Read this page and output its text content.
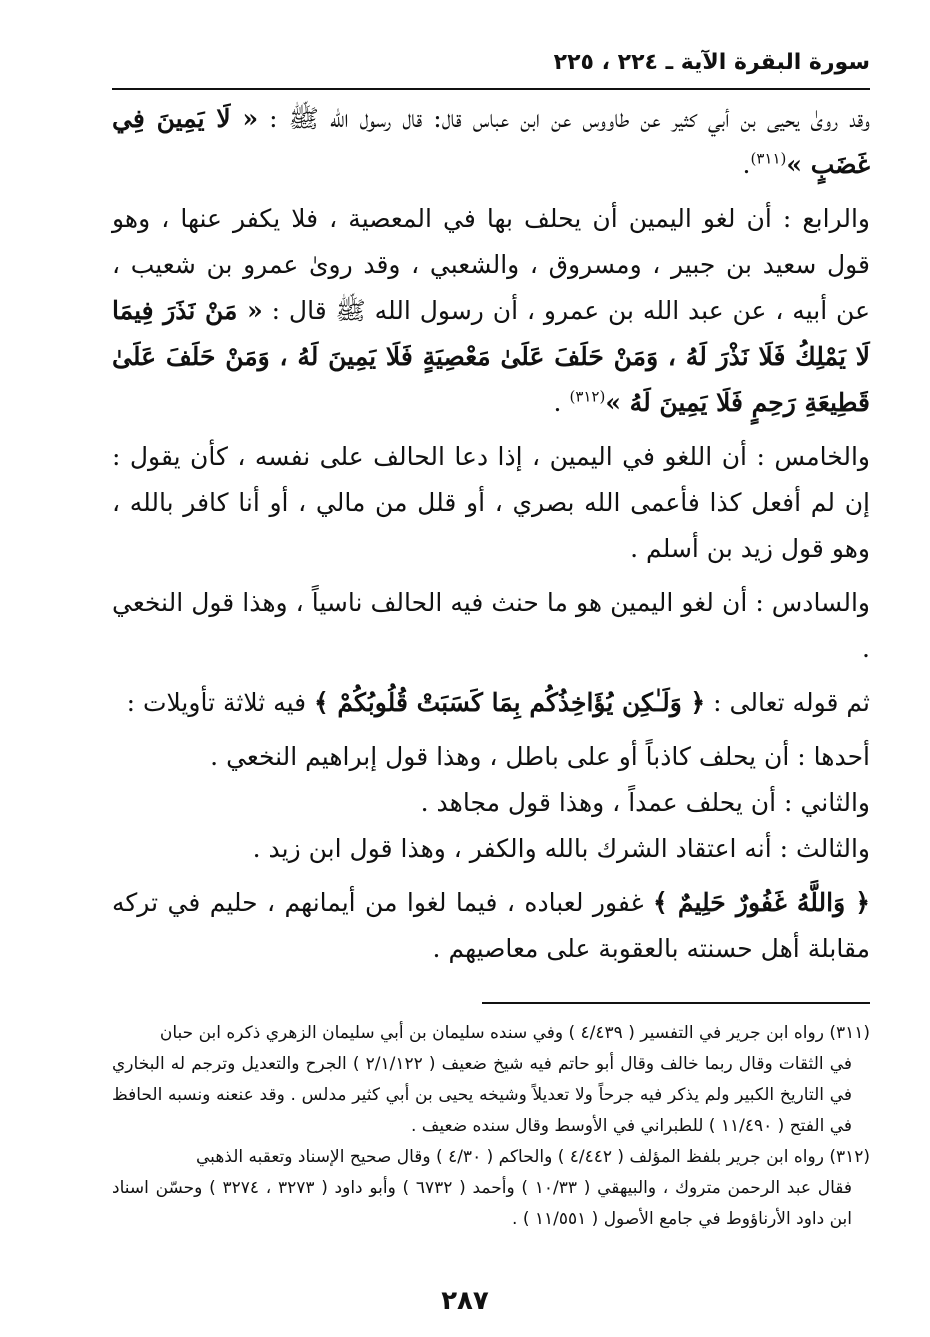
سورة البقرة الآية ـ ٢٢٤ ، ٢٢٥

وقد روىٰ يحيى بن أبي كثير عن طاووس عن ابن عباس قال: قال رسول الله ﷺ : « لَا يَمِينَ فِي غَضَبٍ »$^{(٣١١)}$.

والرابع : أن لغو اليمين أن يحلف بها في المعصية ، فلا يكفر عنها ، وهو قول سعيد بن جبير ، ومسروق ، والشعبي ، وقد روىٰ عمرو بن شعيب ، عن أبيه ، عن عبد الله بن عمرو ، أن رسول الله ﷺ قال : « مَنْ نَذَرَ فِيمَا لَا يَمْلِكُ فَلَا نَذْرَ لَهُ ، وَمَنْ حَلَفَ عَلَىٰ مَعْصِيَةٍ فَلَا يَمِينَ لَهُ ، وَمَنْ حَلَفَ عَلَىٰ قَطِيعَةِ رَحِمٍ فَلَا يَمِينَ لَهُ »$^{(٣١٢)}$ .

والخامس : أن اللغو في اليمين ، إذا دعا الحالف على نفسه ، كأن يقول : إن لم أفعل كذا فأعمى الله بصري ، أو قلل من مالي ، أو أنا كافر بالله ، وهو قول زيد بن أسلم .

والسادس : أن لغو اليمين هو ما حنث فيه الحالف ناسياً ، وهذا قول النخعي .

ثم قوله تعالى : ﴿ وَلَـٰكِن يُؤَاخِذُكُم بِمَا كَسَبَتْ قُلُوبُكُمْ ﴾ فيه ثلاثة تأويلات :

أحدها : أن يحلف كاذباً أو على باطل ، وهذا قول إبراهيم النخعي .

والثاني : أن يحلف عمداً ، وهذا قول مجاهد .

والثالث : أنه اعتقاد الشرك بالله والكفر ، وهذا قول ابن زيد .

﴿ وَاللَّهُ غَفُورٌ حَلِيمٌ ﴾ غفور لعباده ، فيما لغوا من أيمانهم ، حليم في تركه مقابلة أهل حسنته بالعقوبة على معاصيهم .

(٣١١) رواه ابن جرير في التفسير ( ٤/٤٣٩ ) وفي سنده سليمان بن أبي سليمان الزهري ذكره ابن حبان

في الثقات وقال ربما خالف وقال أبو حاتم فيه شيخ ضعيف ( ٢/١/١٢٢ ) الجرح والتعديل وترجم له البخاري في التاريخ الكبير ولم يذكر فيه جرحاً ولا تعديلاً وشيخه يحيى بن أبي كثير مدلس . وقد عنعنه ونسبه الحافظ في الفتح ( ١١/٤٩٠ ) للطبراني في الأوسط وقال سنده ضعيف .

(٣١٢) رواه ابن جرير بلفظ المؤلف ( ٤/٤٤٢ ) والحاكم ( ٤/٣٠ ) وقال صحيح الإسناد وتعقبه الذهبي

فقال عبد الرحمن متروك ، والبيهقي ( ١٠/٣٣ ) وأحمد ( ٦٧٣٢ ) وأبو داود ( ٣٢٧٣ ، ٣٢٧٤ ) وحسّن اسناد ابن داود الأرناؤوط في جامع الأصول ( ١١/٥٥١ ) .

٢٨٧
